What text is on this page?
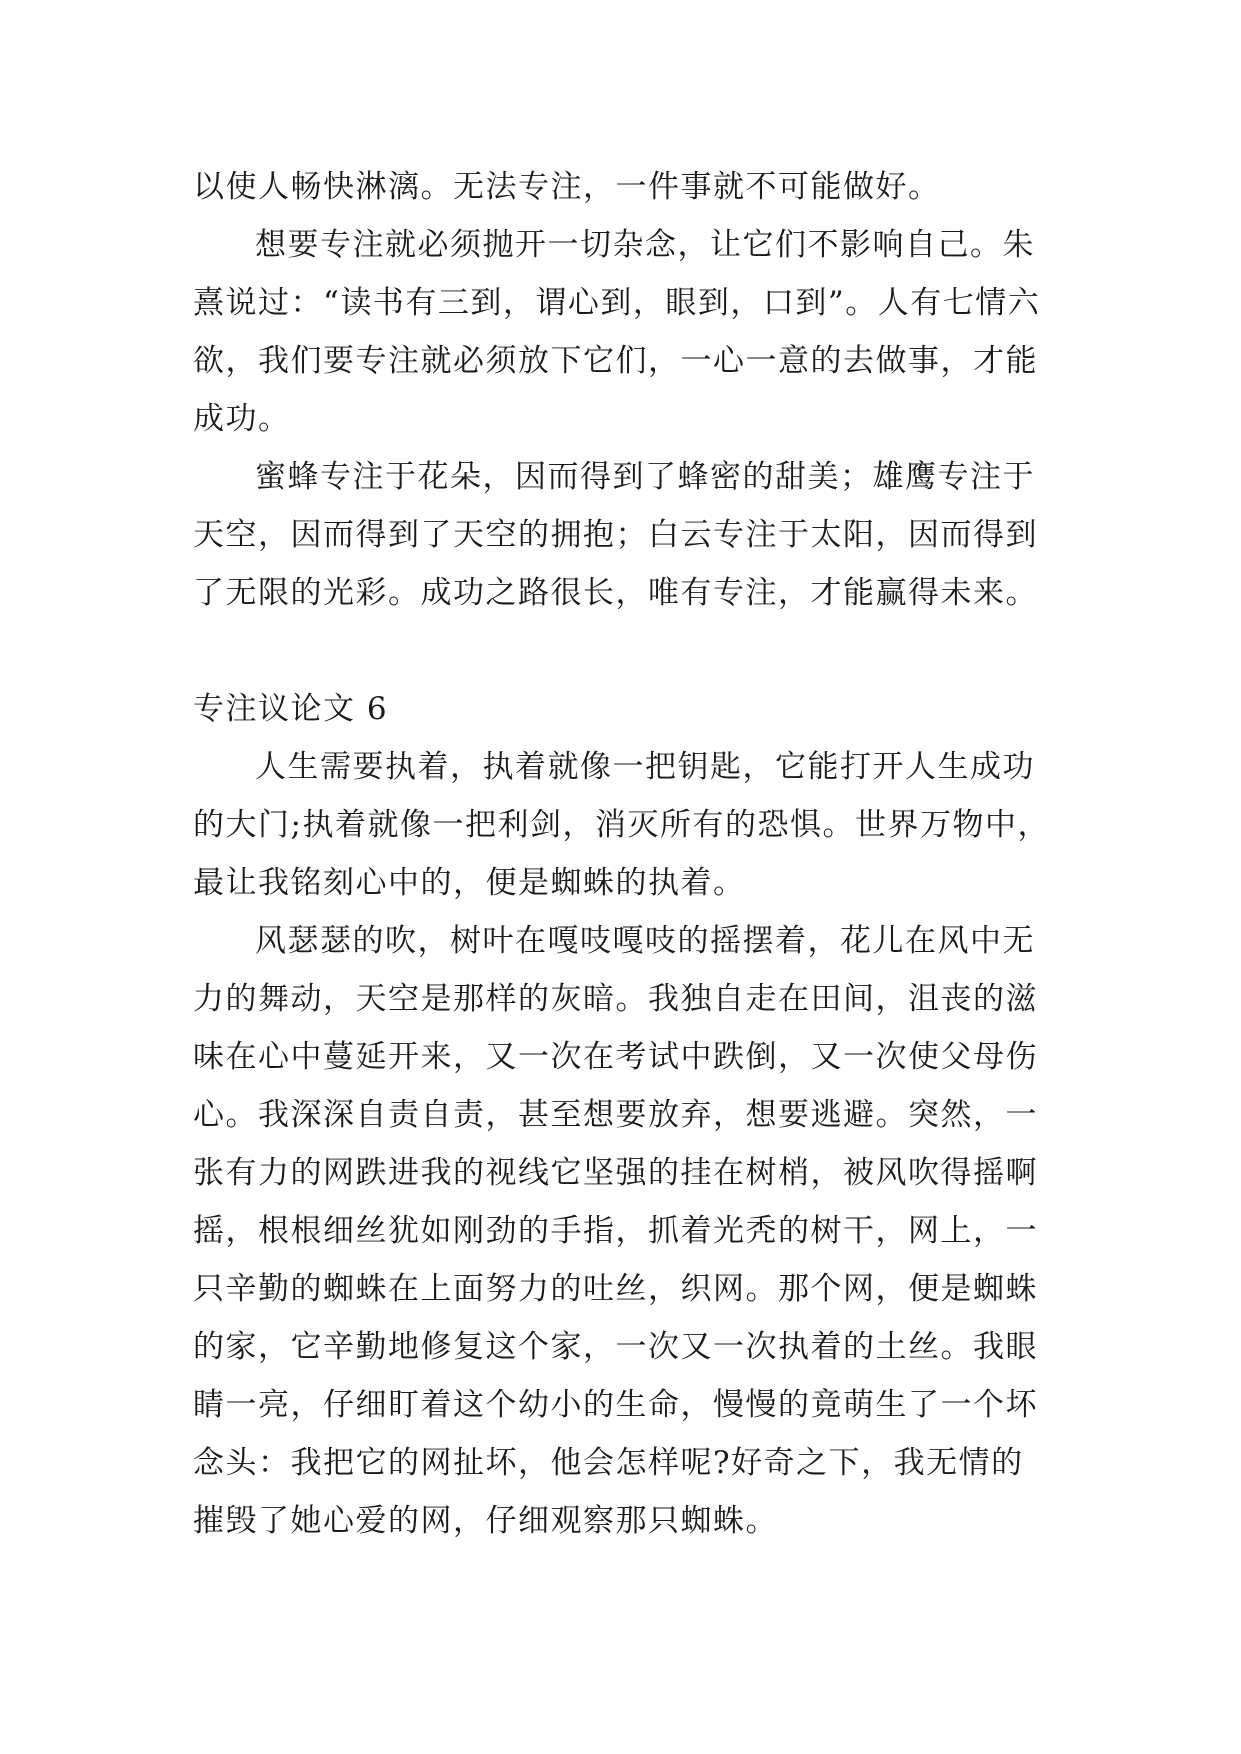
以使人畅快淋漓。无法专注，一件事就不可能做好。
想要专注就必须抛开一切杂念，让它们不影响自己。朱
熹说过：“读书有三到，谓心到，眼到，口到”。人有七情六
欲，我们要专注就必须放下它们，一心一意的去做事，才能
成功。
蜜蜂专注于花朵，因而得到了蜂密的甜美；雄鹰专注于
天空，因而得到了天空的拥抱；白云专注于太阳，因而得到
了无限的光彩。成功之路很长，唯有专注，才能赢得未来。
专注议论文 6
人生需要执着，执着就像一把钥匙，它能打开人生成功
的大门;执着就像一把利剑，消灭所有的恐惧。世界万物中，
最让我铭刻心中的，便是蜘蛛的执着。
风瑟瑟的吹，树叶在嘎吱嘎吱的摇摆着，花儿在风中无
力的舞动，天空是那样的灰暗。我独自走在田间，沮丧的滋
味在心中蔓延开来，又一次在考试中跌倒，又一次使父母伤
心。我深深自责自责，甚至想要放弃，想要逃避。突然，一
张有力的网跌进我的视线它坚强的挂在树梢，被风吹得摇啊
摇，根根细丝犹如刚劲的手指，抓着光秃的树干，网上，一
只辛勤的蜘蛛在上面努力的吐丝，织网。那个网，便是蜘蛛
的家，它辛勤地修复这个家，一次又一次执着的土丝。我眼
睛一亮，仔细盯着这个幼小的生命，慢慢的竟萌生了一个坏
念头：我把它的网扯坏，他会怎样呢?好奇之下，我无情的
摧毁了她心爱的网，仔细观察那只蜘蛛。
